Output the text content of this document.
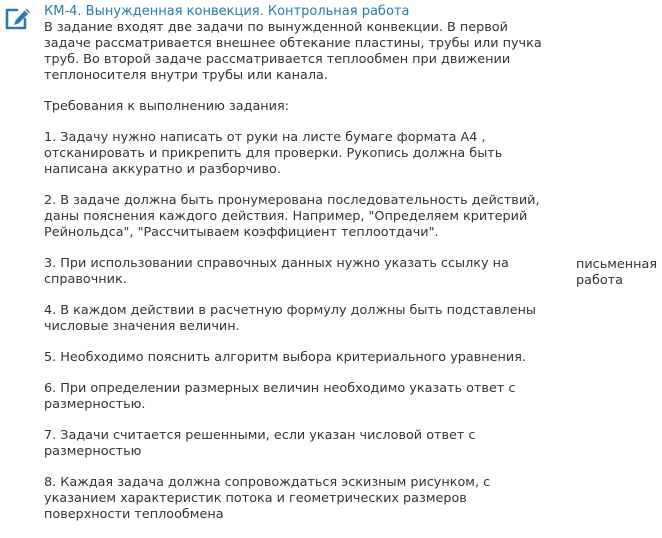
КМ-4. Вынужденная конвекция. Контрольная работа

В задание входят две задачи по вынужденной конвекции. В первой задаче рассматривается внешнее обтекание пластины, трубы или пучка труб. Во второй задаче рассматривается теплообмен при движении теплоносителя внутри трубы или канала.

Требования к выполнению задания:

1. Задачу нужно написать от руки на листе бумаге формата А4 , отсканировать и прикрепить для проверки. Рукопись должна быть написана аккуратно и разборчиво.

2. В задаче должна быть пронумерована последовательность действий, даны пояснения каждого действия. Например, "Определяем критерий Рейнольдса", "Рассчитываем коэффициент теплоотдачи".

3. При использовании справочных данных нужно указать ссылку на справочник.

4. В каждом действии в расчетную формулу должны быть подставлены числовые значения величин.

5. Необходимо пояснить алгоритм выбора критериального уравнения.

6. При определении размерных величин необходимо указать ответ с размерностью.

7. Задачи считается решенными, если указан числовой ответ с размерностью

8. Каждая задача должна сопровождаться эскизным рисунком, с указанием характеристик потока и геометрических размеров поверхности теплообмена

письменная работа
